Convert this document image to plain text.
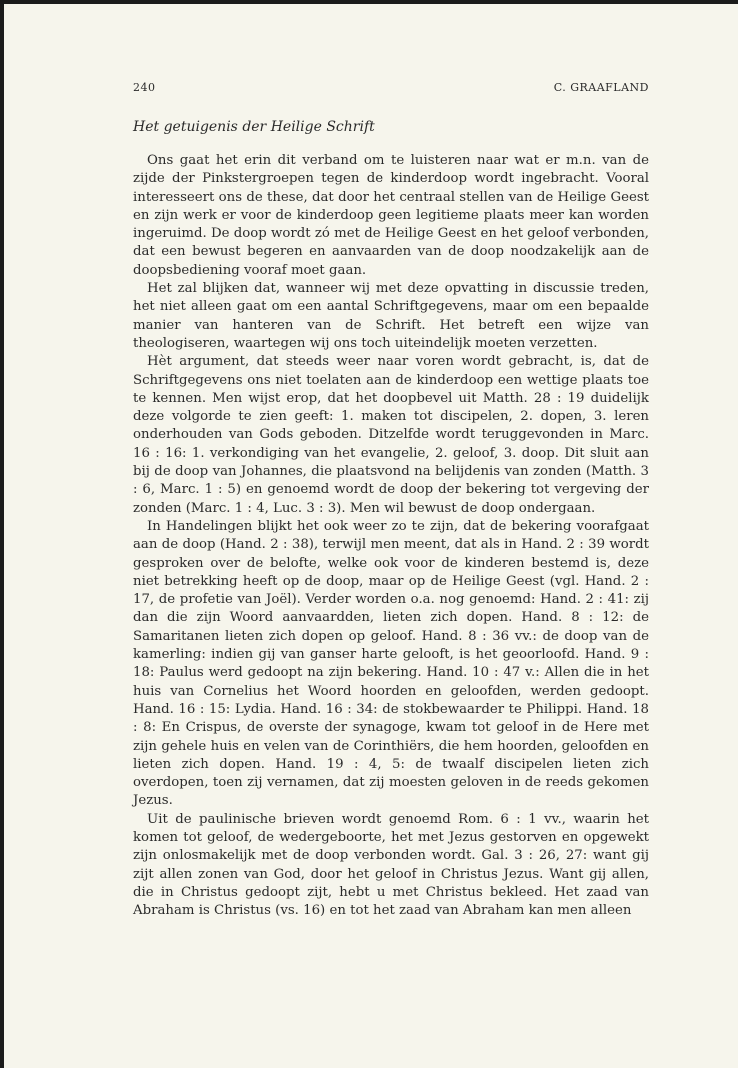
240	C. GRAAFLAND
Het getuigenis der Heilige Schrift

Ons gaat het erin dit verband om te luisteren naar wat er m.n. van de zijde der Pinkstergroepen tegen de kinderdoop wordt ingebracht. Vooral interesseert ons de these, dat door het centraal stellen van de Heilige Geest en zijn werk er voor de kinderdoop geen legitieme plaats meer kan worden ingeruimd. De doop wordt zó met de Heilige Geest en het geloof verbonden, dat een bewust begeren en aanvaarden van de doop noodzakelijk aan de doopsbediening vooraf moet gaan.

Het zal blijken dat, wanneer wij met deze opvatting in discussie treden, het niet alleen gaat om een aantal Schriftgegevens, maar om een bepaalde manier van hanteren van de Schrift. Het betreft een wijze van theologiseren, waartegen wij ons toch uiteindelijk moeten verzetten.

Hèt argument, dat steeds weer naar voren wordt gebracht, is, dat de Schriftgegevens ons niet toelaten aan de kinderdoop een wettige plaats toe te kennen. Men wijst erop, dat het doopbevel uit Matth. 28 : 19 duidelijk deze volgorde te zien geeft: 1. maken tot discipelen, 2. dopen, 3. leren onderhouden van Gods geboden. Ditzelfde wordt teruggevonden in Marc. 16 : 16: 1. verkondiging van het evangelie, 2. geloof, 3. doop. Dit sluit aan bij de doop van Johannes, die plaatsvond na belijdenis van zonden (Matth. 3 : 6, Marc. 1 : 5) en genoemd wordt de doop der bekering tot vergeving der zonden (Marc. 1 : 4, Luc. 3 : 3). Men wil bewust de doop ondergaan.

In Handelingen blijkt het ook weer zo te zijn, dat de bekering voorafgaat aan de doop (Hand. 2 : 38), terwijl men meent, dat als in Hand. 2 : 39 wordt gesproken over de belofte, welke ook voor de kinderen bestemd is, deze niet betrekking heeft op de doop, maar op de Heilige Geest (vgl. Hand. 2 : 17, de profetie van Joël). Verder worden o.a. nog genoemd: Hand. 2 : 41: zij dan die zijn Woord aanvaardden, lieten zich dopen. Hand. 8 : 12: de Samaritanen lieten zich dopen op geloof. Hand. 8 : 36 vv.: de doop van de kamerling: indien gij van ganser harte gelooft, is het geoorloofd. Hand. 9 : 18: Paulus werd gedoopt na zijn bekering. Hand. 10 : 47 v.: Allen die in het huis van Cornelius het Woord hoorden en geloofden, werden gedoopt. Hand. 16 : 15: Lydia. Hand. 16 : 34: de stokbewaarder te Philippi. Hand. 18 : 8: En Crispus, de overste der synagoge, kwam tot geloof in de Here met zijn gehele huis en velen van de Corinthiërs, die hem hoorden, geloofden en lieten zich dopen. Hand. 19 : 4, 5: de twaalf discipelen lieten zich overdopen, toen zij vernamen, dat zij moesten geloven in de reeds gekomen Jezus.

Uit de paulinische brieven wordt genoemd Rom. 6 : 1 vv., waarin het komen tot geloof, de wedergeboorte, het met Jezus gestorven en opgewekt zijn onlosmakelijk met de doop verbonden wordt. Gal. 3 : 26, 27: want gij zijt allen zonen van God, door het geloof in Christus Jezus. Want gij allen, die in Christus gedoopt zijt, hebt u met Christus bekleed. Het zaad van Abraham is Christus (vs. 16) en tot het zaad van Abraham kan men alleen
